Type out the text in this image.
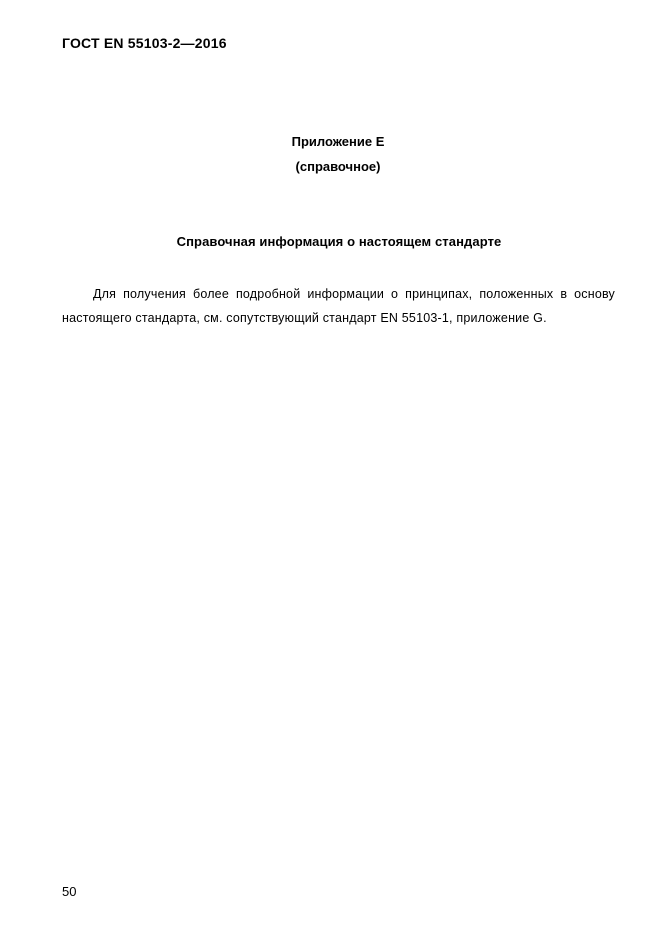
ГОСТ EN 55103-2—2016
Приложение Е
(справочное)
Справочная информация о настоящем стандарте
Для получения более подробной информации о принципах, положенных в основу
настоящего стандарта, см. сопутствующий стандарт EN 55103-1, приложение G.
50
